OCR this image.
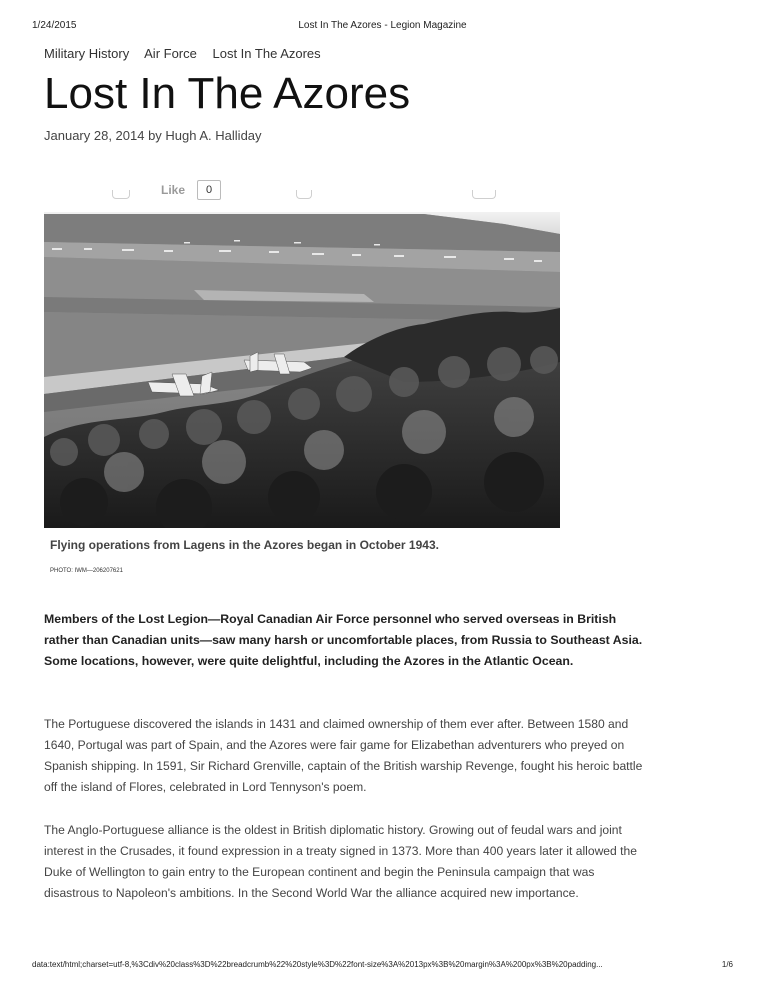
1/24/2015	Lost In The Azores - Legion Magazine
Military History Air Force Lost In The Azores
Lost In The Azores
January 28, 2014 by Hugh A. Halliday
Like	0
Flying operations from Lagens in the Azores began in October 1943.
PHOTO: IWM—206207621

Members of the Lost Legion—Royal Canadian Air Force personnel who served overseas in British rather than Canadian units—saw many harsh or uncomfortable places, from Russia to Southeast Asia. Some locations, however, were quite delightful, including the Azores in the Atlantic Ocean.

The Portuguese discovered the islands in 1431 and claimed ownership of them ever after. Between 1580 and 1640, Portugal was part of Spain, and the Azores were fair game for Elizabethan adventurers who preyed on Spanish shipping. In 1591, Sir Richard Grenville, captain of the British warship Revenge, fought his heroic battle off the island of Flores, celebrated in Lord Tennyson's poem.

The Anglo-Portuguese alliance is the oldest in British diplomatic history. Growing out of feudal wars and joint interest in the Crusades, it found expression in a treaty signed in 1373. More than 400 years later it allowed the Duke of Wellington to gain entry to the European continent and begin the Peninsula campaign that was disastrous to Napoleon's ambitions. In the Second World War the alliance acquired new importance.

data:text/html;charset=utf-8,%3Cdiv%20class%3D%22breadcrumb%22%20style%3D%22font-size%3A%2013px%3B%20margin%3A%200px%3B%20padding...	1/6
